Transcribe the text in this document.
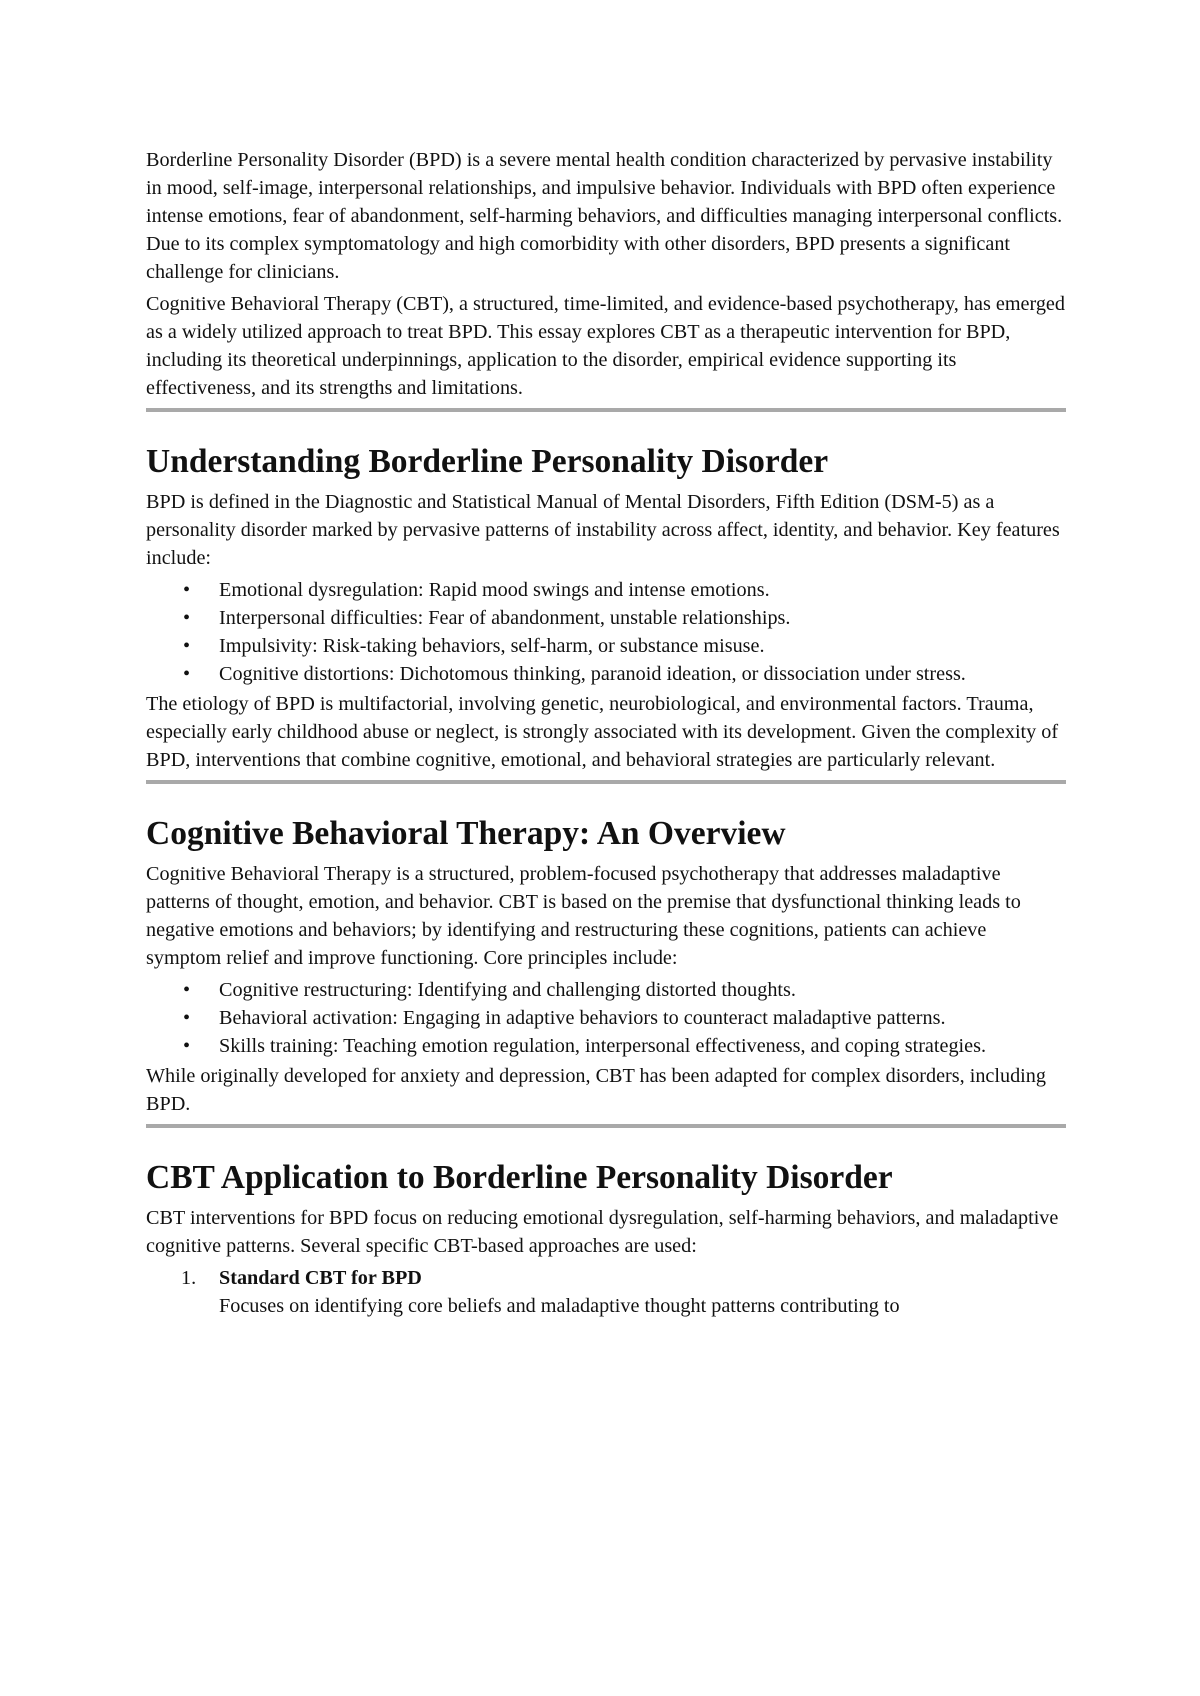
Borderline Personality Disorder (BPD) is a severe mental health condition characterized by pervasive instability in mood, self-image, interpersonal relationships, and impulsive behavior. Individuals with BPD often experience intense emotions, fear of abandonment, self-harming behaviors, and difficulties managing interpersonal conflicts. Due to its complex symptomatology and high comorbidity with other disorders, BPD presents a significant challenge for clinicians.

Cognitive Behavioral Therapy (CBT), a structured, time-limited, and evidence-based psychotherapy, has emerged as a widely utilized approach to treat BPD. This essay explores CBT as a therapeutic intervention for BPD, including its theoretical underpinnings, application to the disorder, empirical evidence supporting its effectiveness, and its strengths and limitations.

Understanding Borderline Personality Disorder

BPD is defined in the Diagnostic and Statistical Manual of Mental Disorders, Fifth Edition (DSM-5) as a personality disorder marked by pervasive patterns of instability across affect, identity, and behavior. Key features include:

• Emotional dysregulation: Rapid mood swings and intense emotions.
• Interpersonal difficulties: Fear of abandonment, unstable relationships.
• Impulsivity: Risk-taking behaviors, self-harm, or substance misuse.
• Cognitive distortions: Dichotomous thinking, paranoid ideation, or dissociation under stress.

The etiology of BPD is multifactorial, involving genetic, neurobiological, and environmental factors. Trauma, especially early childhood abuse or neglect, is strongly associated with its development. Given the complexity of BPD, interventions that combine cognitive, emotional, and behavioral strategies are particularly relevant.

Cognitive Behavioral Therapy: An Overview

Cognitive Behavioral Therapy is a structured, problem-focused psychotherapy that addresses maladaptive patterns of thought, emotion, and behavior. CBT is based on the premise that dysfunctional thinking leads to negative emotions and behaviors; by identifying and restructuring these cognitions, patients can achieve symptom relief and improve functioning. Core principles include:

• Cognitive restructuring: Identifying and challenging distorted thoughts.
• Behavioral activation: Engaging in adaptive behaviors to counteract maladaptive patterns.
• Skills training: Teaching emotion regulation, interpersonal effectiveness, and coping strategies.

While originally developed for anxiety and depression, CBT has been adapted for complex disorders, including BPD.

CBT Application to Borderline Personality Disorder

CBT interventions for BPD focus on reducing emotional dysregulation, self-harming behaviors, and maladaptive cognitive patterns. Several specific CBT-based approaches are used:

1. Standard CBT for BPD
Focuses on identifying core beliefs and maladaptive thought patterns contributing to
